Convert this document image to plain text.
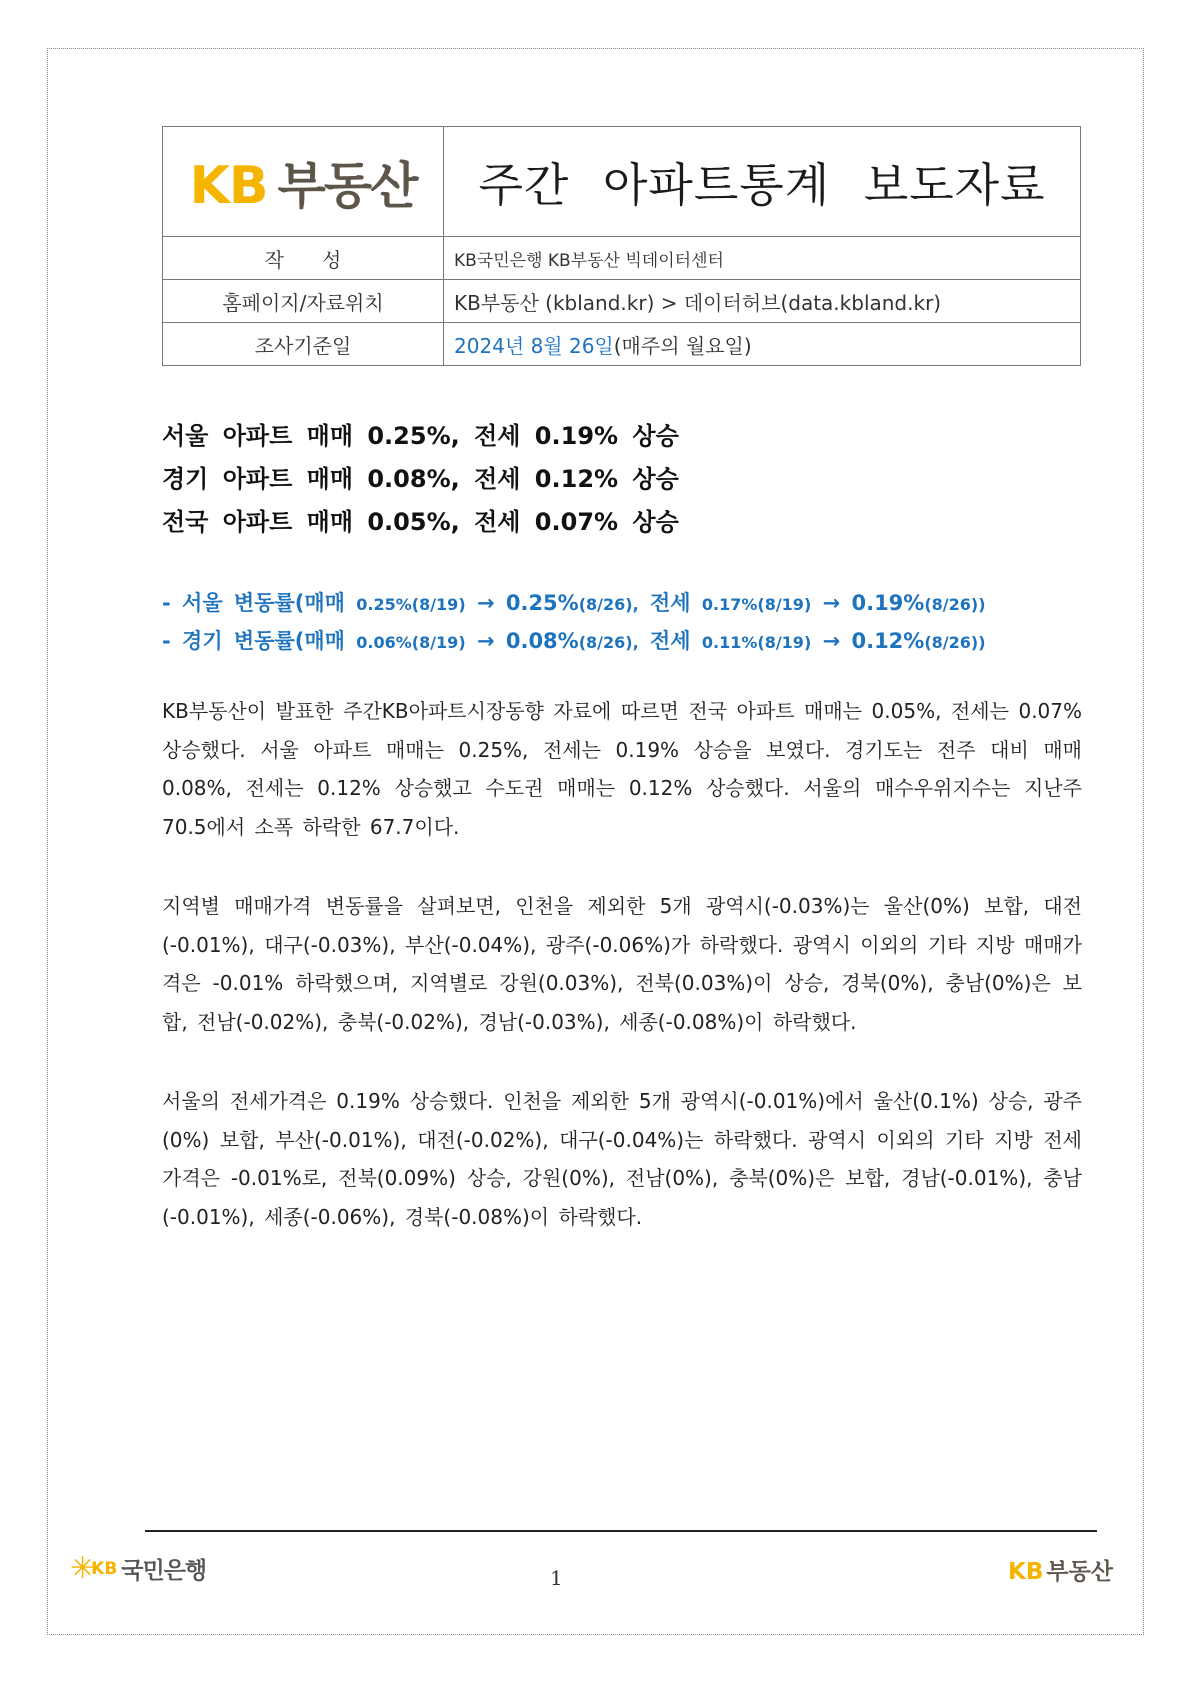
KB 부동산	주간 아파트통계 보도자료
작      성	KB국민은행 KB부동산 빅데이터센터
홈페이지/자료위치	KB부동산 (kbland.kr) > 데이터허브(data.kbland.kr)
조사기준일	2024년 8월 26일(매주의 월요일)
서울 아파트 매매 0.25%, 전세 0.19% 상승
경기 아파트 매매 0.08%, 전세 0.12% 상승
전국 아파트 매매 0.05%, 전세 0.07% 상승
- 서울 변동률(매매 0.25%(8/19) → 0.25%(8/26), 전세 0.17%(8/19) → 0.19%(8/26))
- 경기 변동률(매매 0.06%(8/19) → 0.08%(8/26), 전세 0.11%(8/19) → 0.12%(8/26))

KB부동산이 발표한 주간KB아파트시장동향 자료에 따르면 전국 아파트 매매는 0.05%, 전세는 0.07% 상승했다. 서울 아파트 매매는 0.25%, 전세는 0.19% 상승을 보였다. 경기도는 전주 대비 매매 0.08%, 전세는 0.12% 상승했고 수도권 매매는 0.12% 상승했다. 서울의 매수우위지수는 지난주 70.5에서 소폭 하락한 67.7이다.

지역별 매매가격 변동률을 살펴보면, 인천을 제외한 5개 광역시(-0.03%)는 울산(0%) 보합, 대전(-0.01%), 대구(-0.03%), 부산(-0.04%), 광주(-0.06%)가 하락했다. 광역시 이외의 기타 지방 매매가격은 -0.01% 하락했으며, 지역별로 강원(0.03%), 전북(0.03%)이 상승, 경북(0%), 충남(0%)은 보합, 전남(-0.02%), 충북(-0.02%), 경남(-0.03%), 세종(-0.08%)이 하락했다.

서울의 전세가격은 0.19% 상승했다. 인천을 제외한 5개 광역시(-0.01%)에서 울산(0.1%) 상승, 광주(0%) 보합, 부산(-0.01%), 대전(-0.02%), 대구(-0.04%)는 하락했다. 광역시 이외의 기타 지방 전세가격은 -0.01%로, 전북(0.09%) 상승, 강원(0%), 전남(0%), 충북(0%)은 보합, 경남(-0.01%), 충남(-0.01%), 세종(-0.06%), 경북(-0.08%)이 하락했다.

✳
KB 국민은행	1	KB 부동산
